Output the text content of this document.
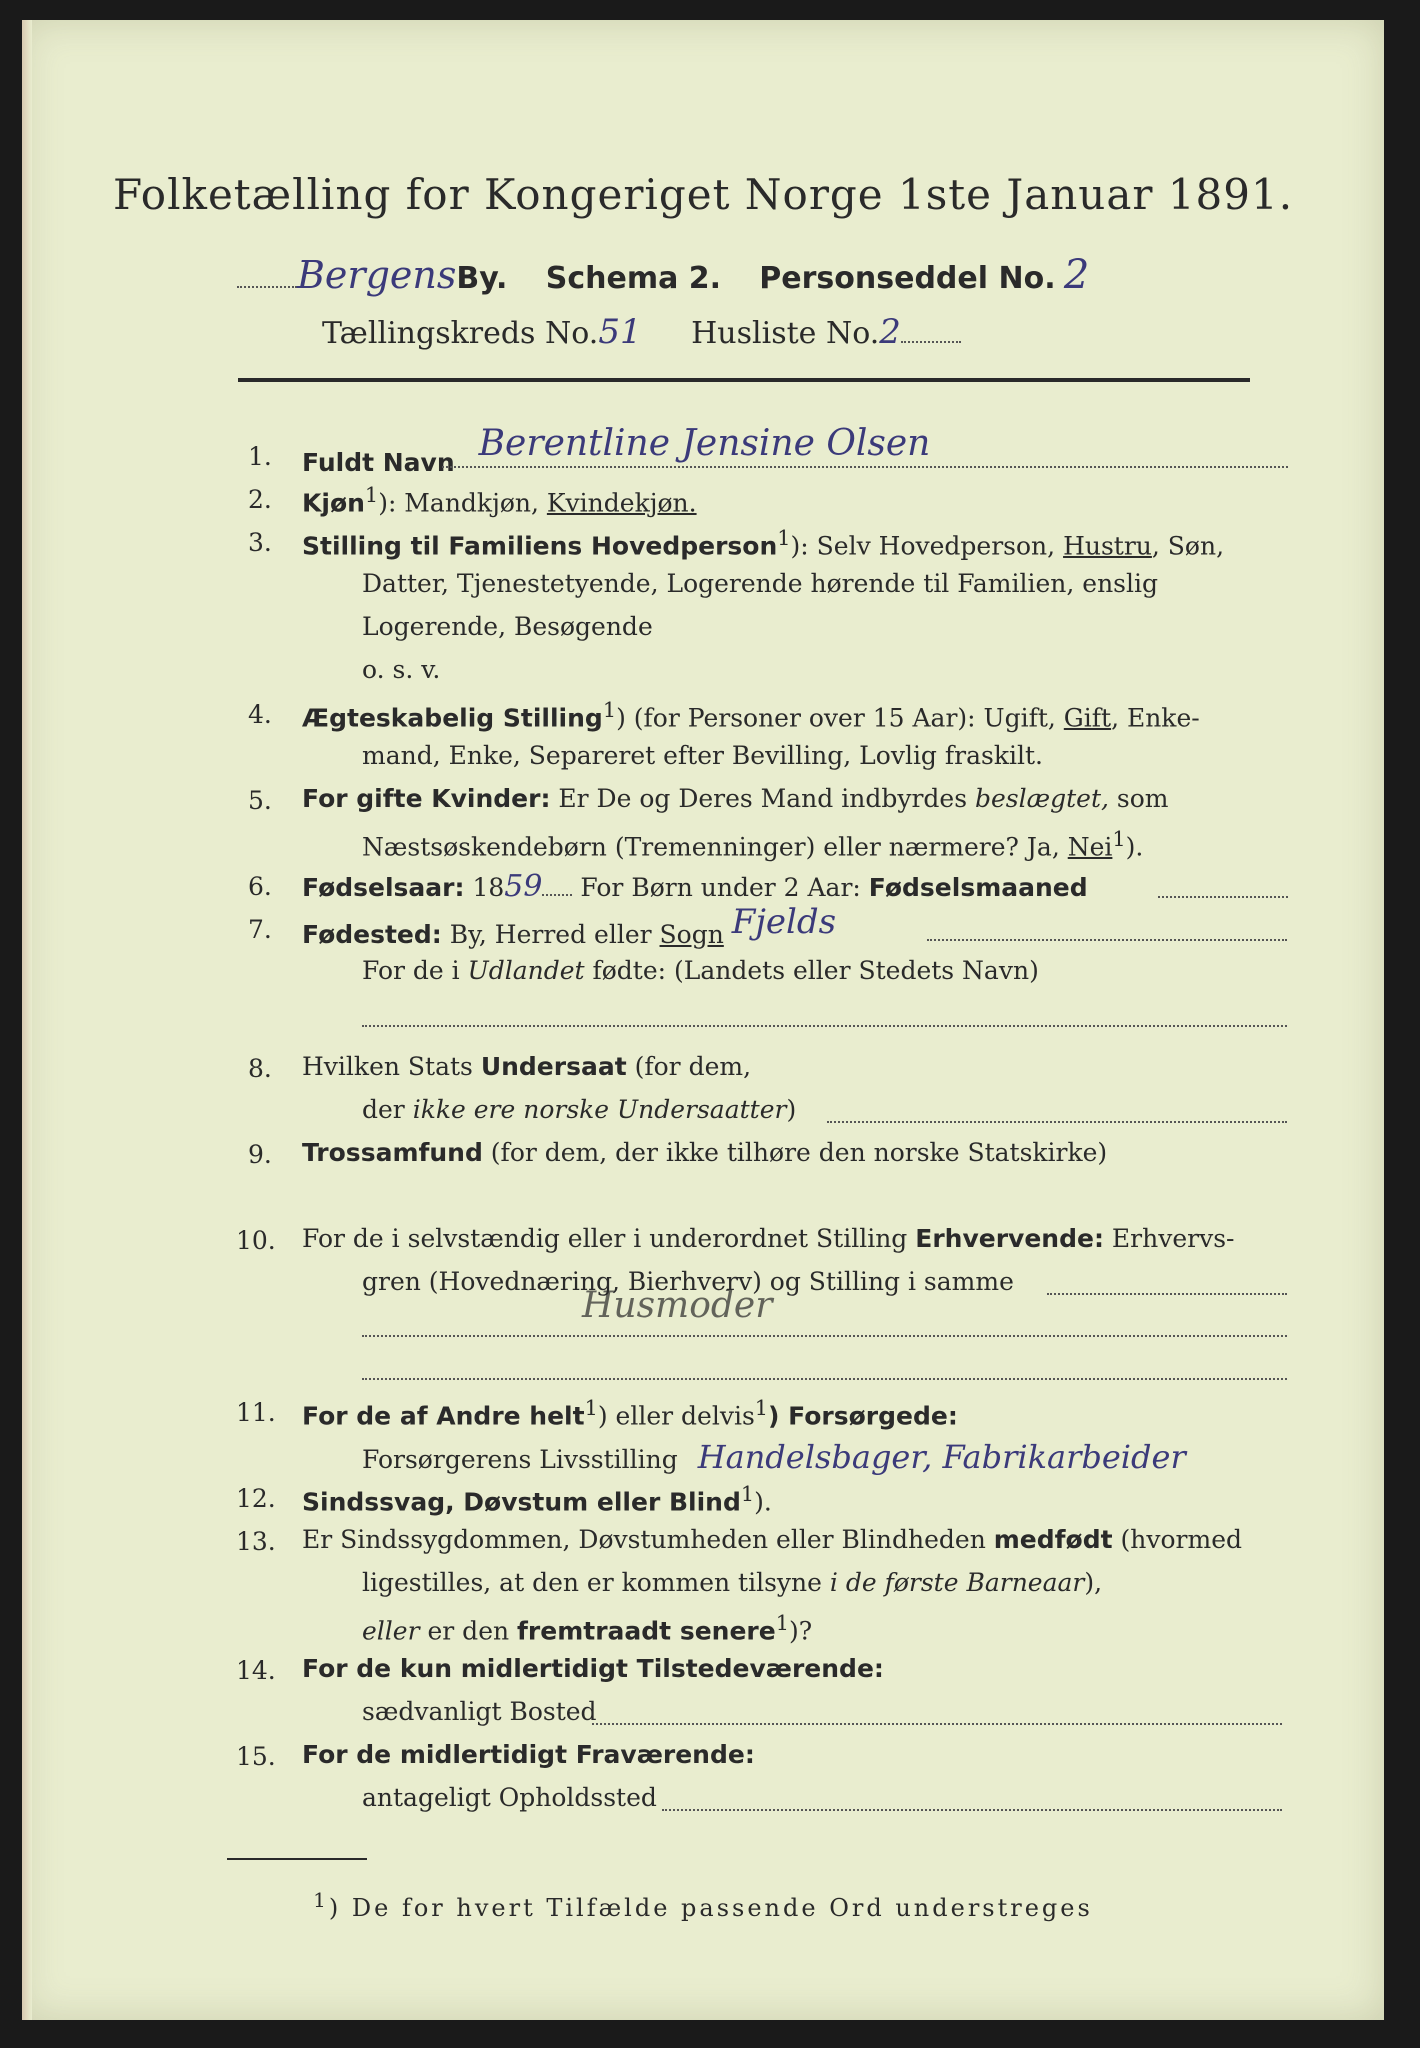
Folketælling for Kongeriget Norge 1ste Januar 1891.
BergensBy. Schema 2. Personseddel No. 2
Tællingskreds No.51 Husliste No.2
1. Fuldt Navn Berentline Jensine Olsen
2. Kjøn$^1$): Mandkjøn, Kvindekjøn.
3. Stilling til Familiens Hovedperson$^1$): Selv Hovedperson, Hustru, Søn,
Datter, Tjenestetyende, Logerende hørende til Familien, enslig
Logerende, Besøgende
o. s. v.
4. Ægteskabelig Stilling$^1$) (for Personer over 15 Aar): Ugift, Gift, Enke-
mand, Enke, Separeret efter Bevilling, Lovlig fraskilt.
5. For gifte Kvinder: Er De og Deres Mand indbyrdes beslægtet, som
Næstsøskendebørn (Tremenninger) eller nærmere? Ja, Nei$^1$).
6. Fødselsaar: 1859 For Børn under 2 Aar: Fødselsmaaned
7. Fødested: By, Herred eller Sogn Fjelds
For de i Udlandet fødte: (Landets eller Stedets Navn)
8. Hvilken Stats Undersaat (for dem,
der ikke ere norske Undersaatter)
9. Trossamfund (for dem, der ikke tilhøre den norske Statskirke)
10. For de i selvstændig eller i underordnet Stilling Erhvervende: Erhvervs-
gren (Hovednæring, Bierhverv) og Stilling i samme
Husmoder
11. For de af Andre helt$^1$) eller delvis$^1$) Forsørgede:
Forsørgerens Livsstilling Handelsbager, Fabrikarbeider
12. Sindssvag, Døvstum eller Blind$^1$).
13. Er Sindssygdommen, Døvstumheden eller Blindheden medfødt (hvormed
ligestilles, at den er kommen tilsyne i de første Barneaar),
eller er den fremtraadt senere$^1$)?
14. For de kun midlertidigt Tilstedeværende:
sædvanligt Bosted
15. For de midlertidigt Fraværende:
antageligt Opholdssted
$^1$) De for hvert Tilfælde passende Ord understreges
